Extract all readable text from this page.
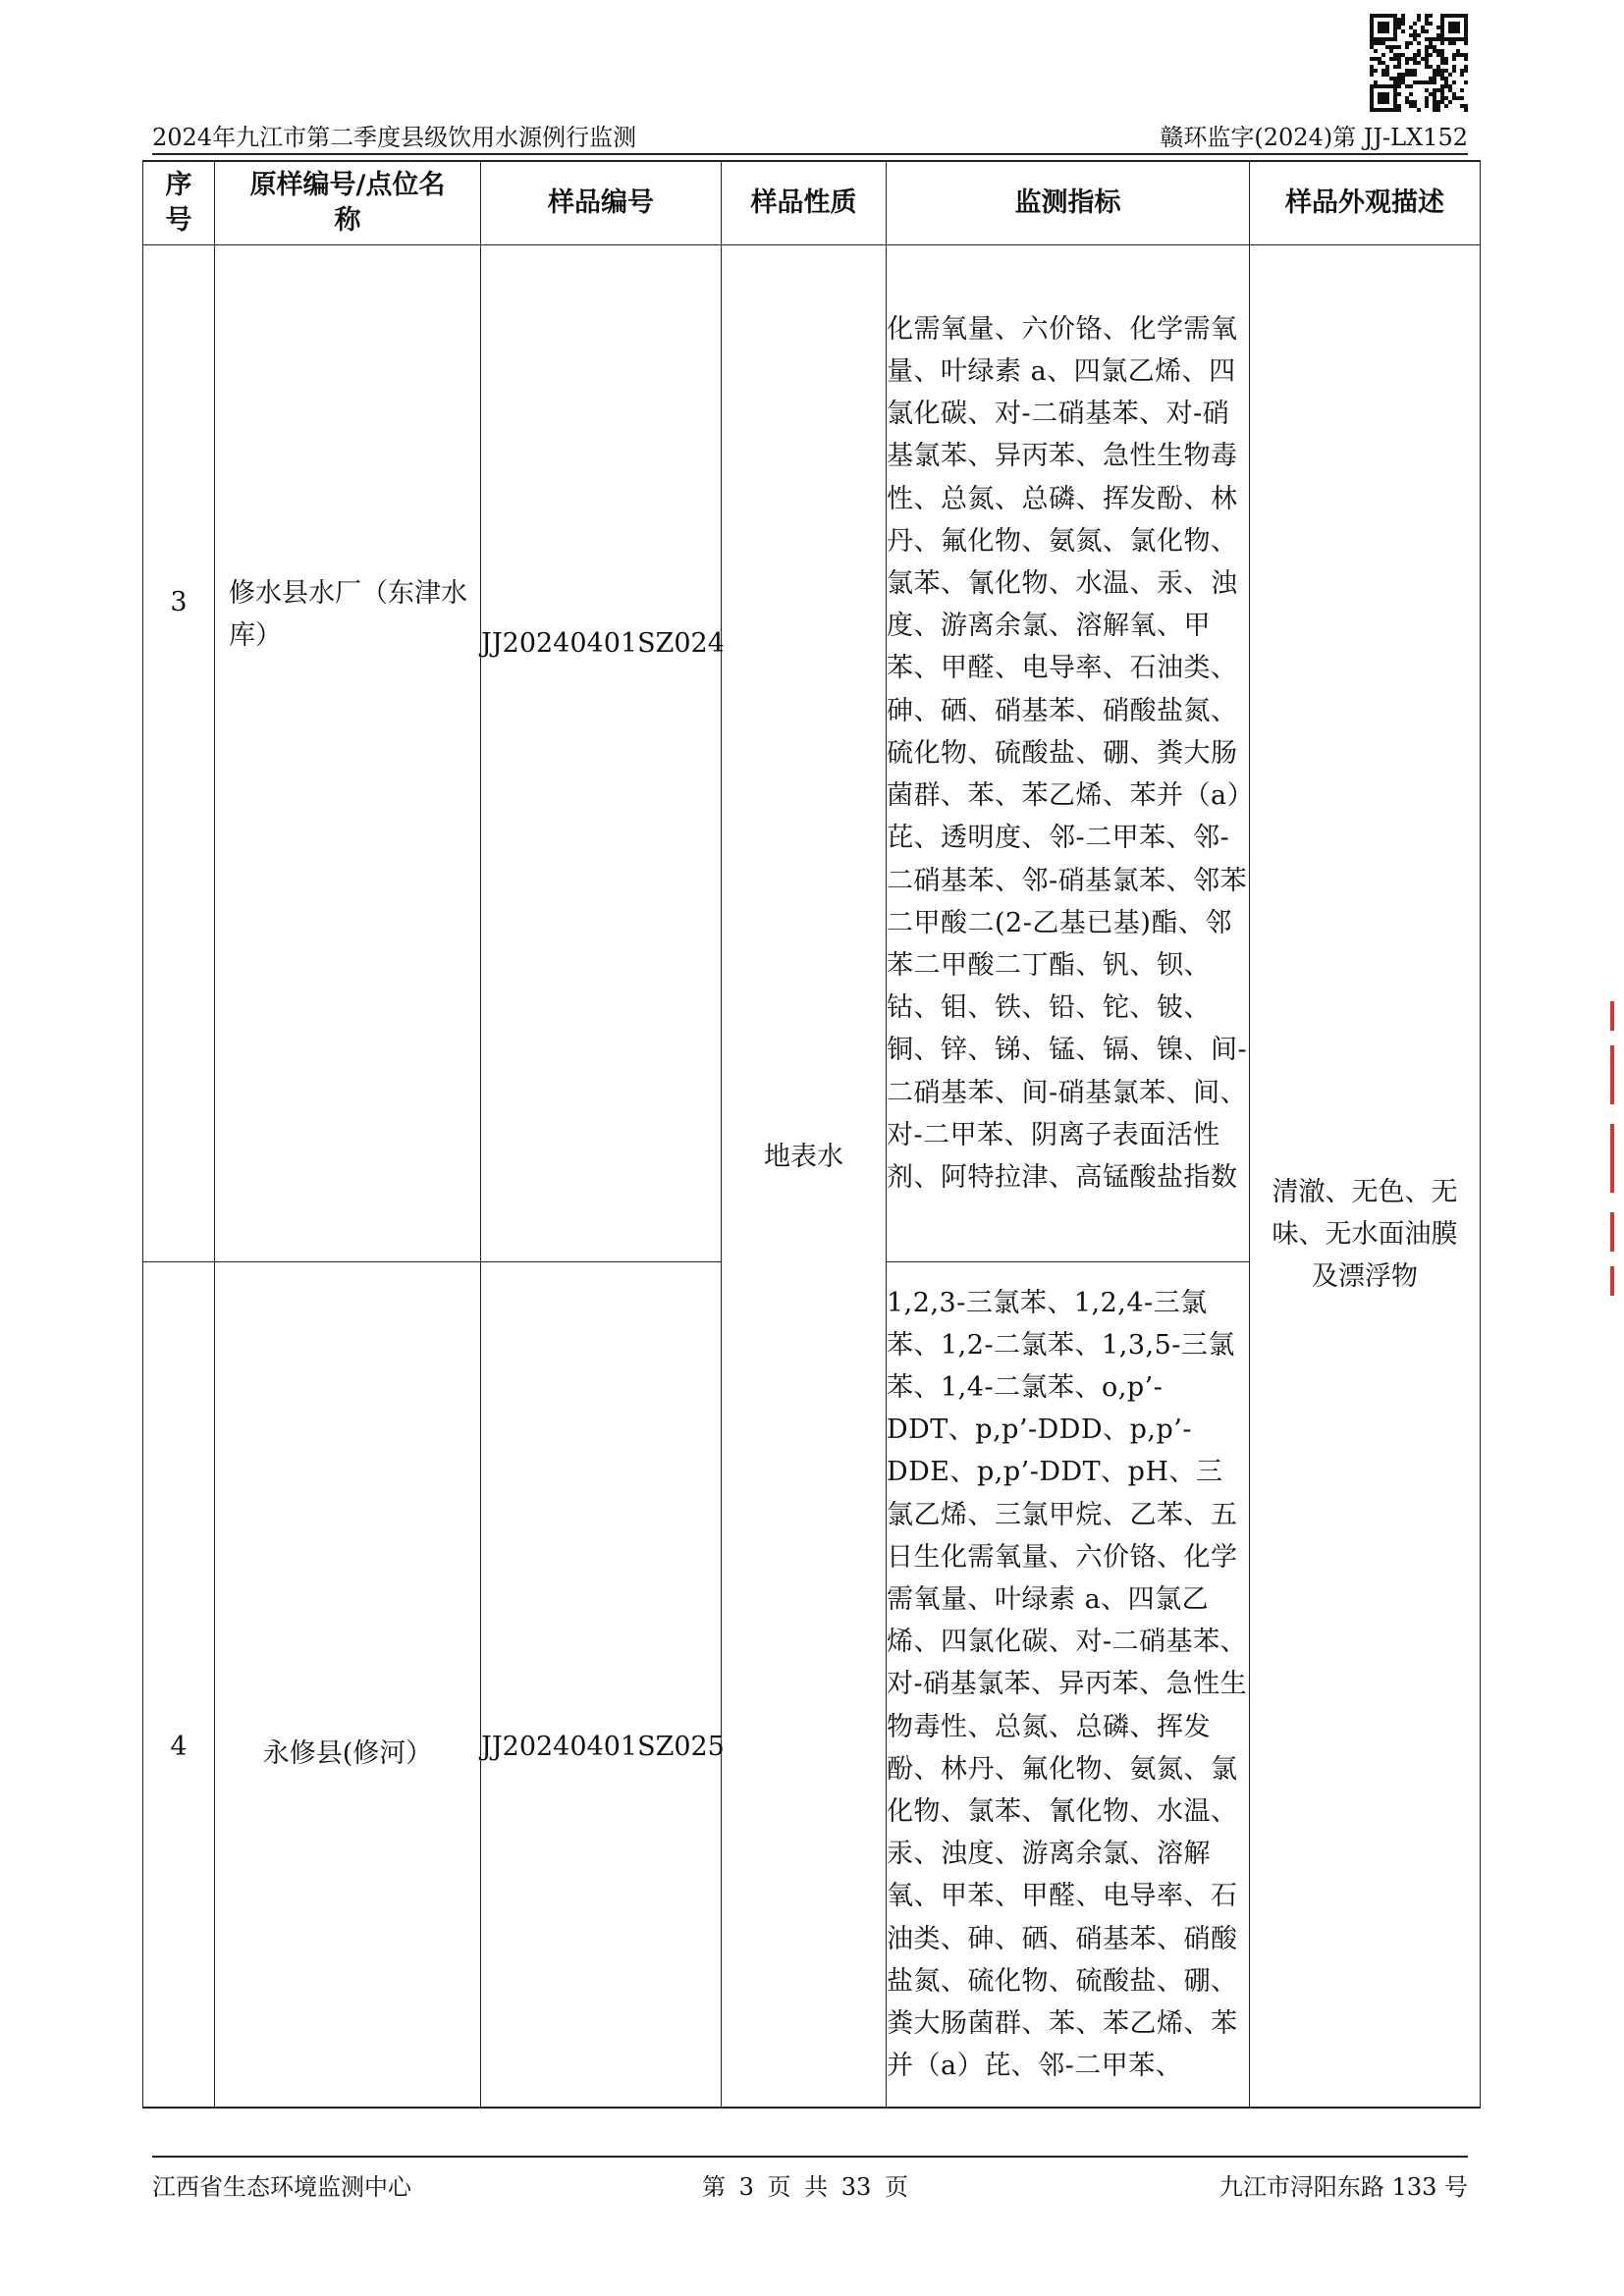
2024年九江市第二季度县级饮用水源例行监测	赣环监字(2024)第 JJ-LX152
序号	原样编号/点位名称	样品编号	样品性质	监测指标	样品外观描述
3	修水县水厂（东津水库）	JJ20240401SZ024	地表水	化需氧量、六价铬、化学需氧量、叶绿素 a、四氯乙烯、四氯化碳、对-二硝基苯、对-硝基氯苯、异丙苯、急性生物毒性、总氮、总磷、挥发酚、林丹、氟化物、氨氮、氯化物、氯苯、氰化物、水温、汞、浊度、游离余氯、溶解氧、甲苯、甲醛、电导率、石油类、砷、硒、硝基苯、硝酸盐氮、硫化物、硫酸盐、硼、粪大肠菌群、苯、苯乙烯、苯并（a）芘、透明度、邻-二甲苯、邻-二硝基苯、邻-硝基氯苯、邻苯二甲酸二(2-乙基已基)酯、邻苯二甲酸二丁酯、钒、钡、钴、钼、铁、铅、铊、铍、铜、锌、锑、锰、镉、镍、间-二硝基苯、间-硝基氯苯、间、对-二甲苯、阴离子表面活性剂、阿特拉津、高锰酸盐指数	清澈、无色、无味、无水面油膜及漂浮物
4	永修县(修河）	JJ20240401SZ025		1,2,3-三氯苯、1,2,4-三氯苯、1,2-二氯苯、1,3,5-三氯苯、1,4-二氯苯、o,p’-DDT、p,p’-DDD、p,p’-DDE、p,p’-DDT、pH、三氯乙烯、三氯甲烷、乙苯、五日生化需氧量、六价铬、化学需氧量、叶绿素 a、四氯乙烯、四氯化碳、对-二硝基苯、对-硝基氯苯、异丙苯、急性生物毒性、总氮、总磷、挥发酚、林丹、氟化物、氨氮、氯化物、氯苯、氰化物、水温、汞、浊度、游离余氯、溶解氧、甲苯、甲醛、电导率、石油类、砷、硒、硝基苯、硝酸盐氮、硫化物、硫酸盐、硼、粪大肠菌群、苯、苯乙烯、苯并（a）芘、邻-二甲苯、	
江西省生态环境监测中心	第 3 页 共 33 页	九江市浔阳东路 133 号
